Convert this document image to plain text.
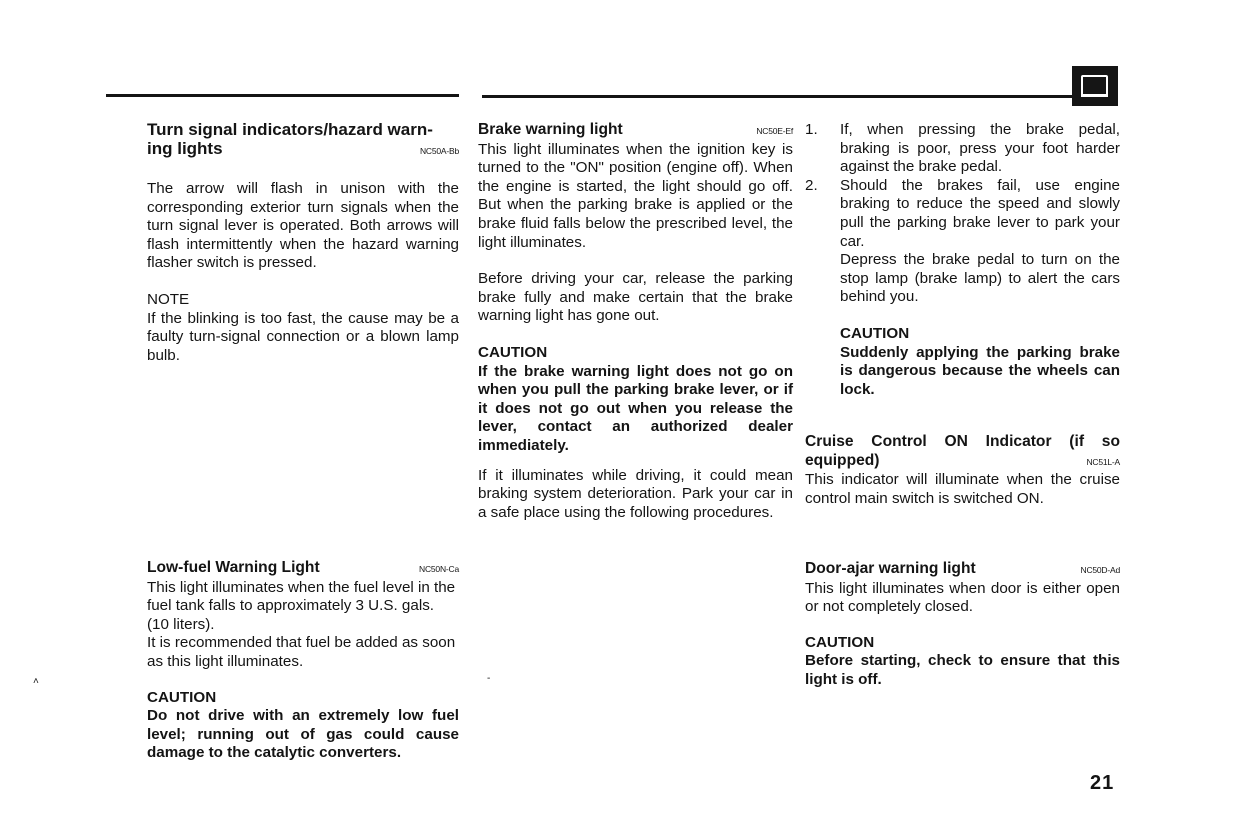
Turn signal indicators/hazard warn-
ing lights	NC50A-Bb

The arrow will flash in unison with the corresponding exterior turn signals when the turn signal lever is operated. Both arrows will flash intermittently when the hazard warning flasher switch is pressed.

NOTE

If the blinking is too fast, the cause may be a faulty turn-signal connection or a blown lamp bulb.

Low-fuel Warning Light	NC50N-Ca

This light illuminates when the fuel level in the fuel tank falls to approximately 3 U.S. gals. (10 liters).

It is recommended that fuel be added as soon as this light illuminates.

CAUTION

Do not drive with an extremely low fuel level; running out of gas could cause damage to the catalytic converters.

Brake warning light	NC50E-Ef

This light illuminates when the ignition key is turned to the "ON" position (engine off). When the engine is started, the light should go off. But when the parking brake is applied or the brake fluid falls below the prescribed level, the light illuminates.

Before driving your car, release the parking brake fully and make certain that the brake warning light has gone out.

CAUTION

If the brake warning light does not go on when you pull the parking brake lever, or if it does not go out when you release the lever, contact an authorized dealer immediately.

If it illuminates while driving, it could mean braking system deterioration. Park your car in a safe place using the following procedures.

1.	If, when pressing the brake pedal, braking is poor, press your foot harder against the brake pedal.
2.	Should the brakes fail, use engine braking to reduce the speed and slowly pull the parking brake lever to park your car.

Depress the brake pedal to turn on the stop lamp (brake lamp) to alert the cars behind you.

CAUTION

Suddenly applying the parking brake is dangerous because the wheels can lock.

Cruise Control ON Indicator (if so
equipped)	NC51L-A

This indicator will illuminate when the cruise control main switch is switched ON.

Door-ajar warning light	NC50D-Ad

This light illuminates when door is either open or not completely closed.

CAUTION

Before starting, check to ensure that this light is off.

21
˄	-
